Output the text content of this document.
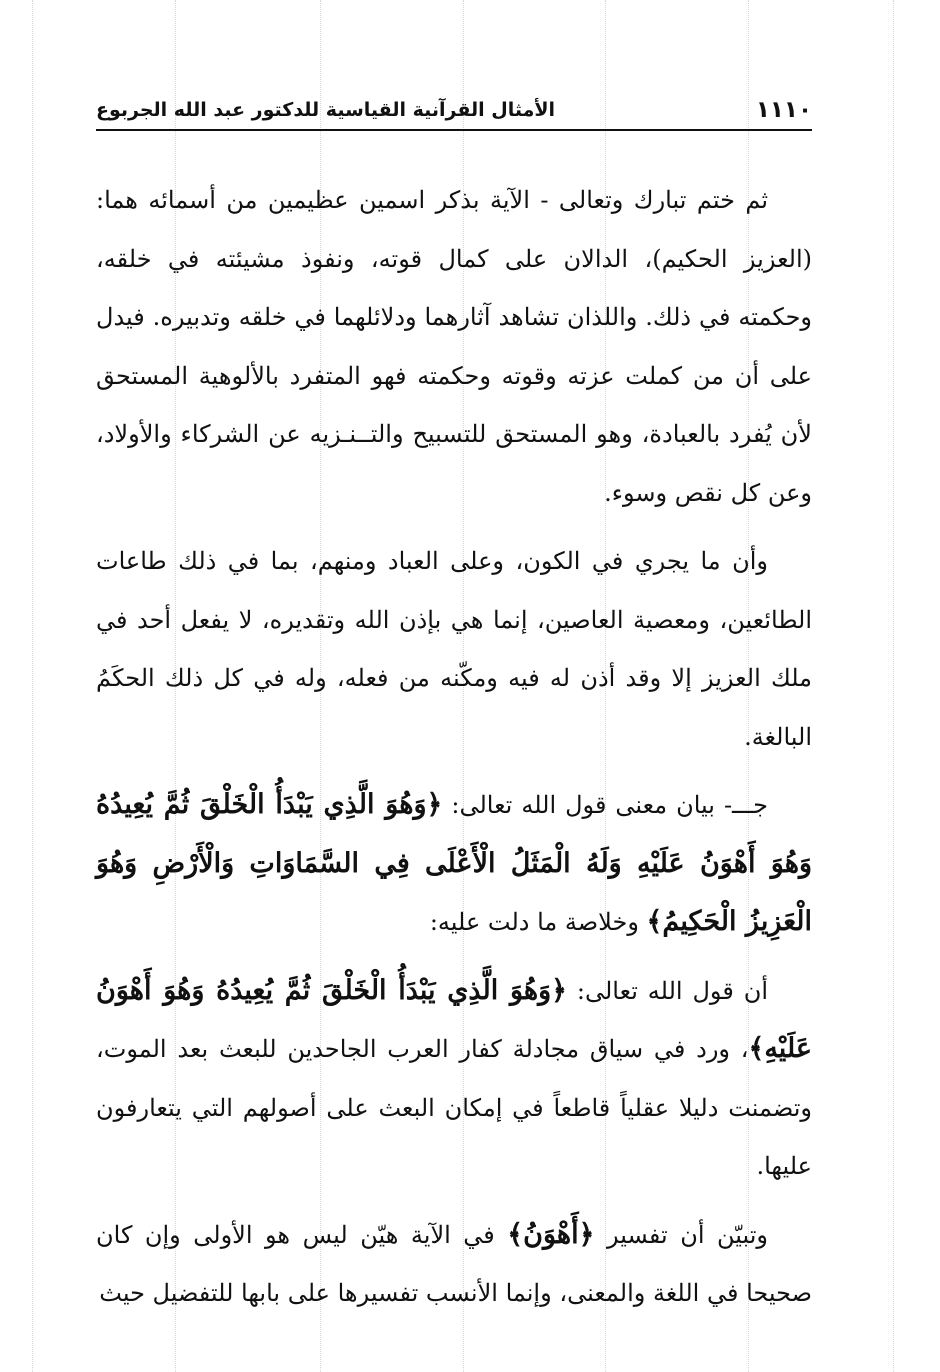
١١١٠
الأمثال القرآنية القياسية للدكتور عبد الله الجربوع

ثم ختم تبارك وتعالى - الآية بذكر اسمين عظيمين من أسمائه هما: (العزيز الحكيم)، الدالان على كمال قوته، ونفوذ مشيئته في خلقه، وحكمته في ذلك. واللذان تشاهد آثارهما ودلائلهما في خلقه وتدبيره. فيدل على أن من كملت عزته وقوته وحكمته فهو المتفرد بالألوهية المستحق لأن يُفرد بالعبادة، وهو المستحق للتسبيح والتــنـزيه عن الشركاء والأولاد، وعن كل نقص وسوء.

وأن ما يجري في الكون، وعلى العباد ومنهم، بما في ذلك طاعات الطائعين، ومعصية العاصين، إنما هي بإذن الله وتقديره، لا يفعل أحد في ملك العزيز إلا وقد أذن له فيه ومكّنه من فعله، وله في كل ذلك الحكَمُ البالغة.

جـــ- بيان معنى قول الله تعالى: ﴿وَهُوَ الَّذِي يَبْدَأُ الْخَلْقَ ثُمَّ يُعِيدُهُ وَهُوَ أَهْوَنُ عَلَيْهِ وَلَهُ الْمَثَلُ الْأَعْلَى فِي السَّمَاوَاتِ وَالْأَرْضِ وَهُوَ الْعَزِيزُ الْحَكِيمُ﴾ وخلاصة ما دلت عليه:

أن قول الله تعالى: ﴿وَهُوَ الَّذِي يَبْدَأُ الْخَلْقَ ثُمَّ يُعِيدُهُ وَهُوَ أَهْوَنُ عَلَيْهِ﴾، ورد في سياق مجادلة كفار العرب الجاحدين للبعث بعد الموت، وتضمنت دليلا عقلياً قاطعاً في إمكان البعث على أصولهم التي يتعارفون عليها.

وتبيّن أن تفسير ﴿أَهْوَنُ﴾ في الآية هيّن ليس هو الأولى وإن كان صحيحا في اللغة والمعنى، وإنما الأنسب تفسيرها على بابها للتفضيل حيث
